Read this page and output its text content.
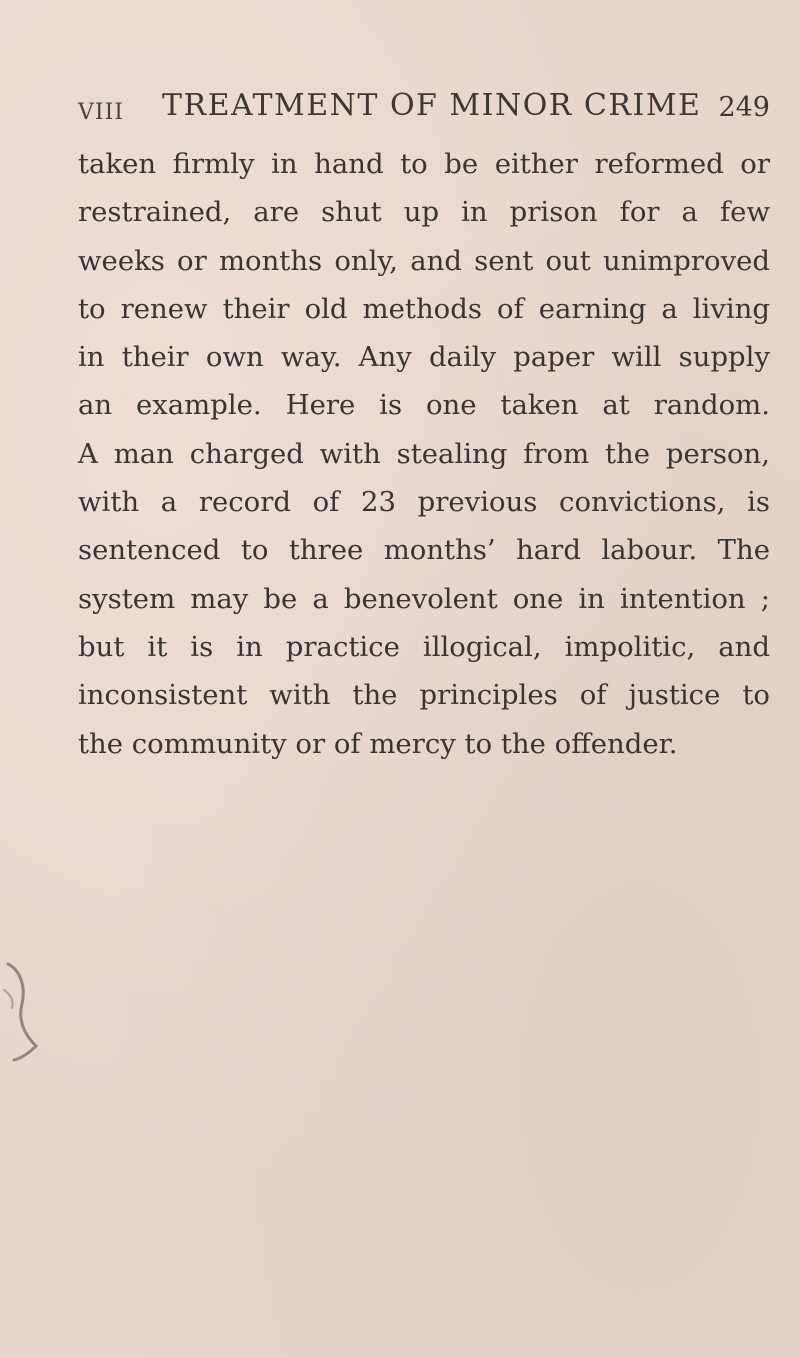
VIII TREATMENT OF MINOR CRIME 249
taken firmly in hand to be either reformed or
restrained, are shut up in prison for a few
weeks or months only, and sent out unimproved
to renew their old methods of earning a living
in their own way. Any daily paper will supply
an example. Here is one taken at random.
A man charged with stealing from the person,
with a record of 23 previous convictions, is
sentenced to three months’ hard labour. The
system may be a benevolent one in intention ;
but it is in practice illogical, impolitic, and
inconsistent with the principles of justice to
the community or of mercy to the offender.
